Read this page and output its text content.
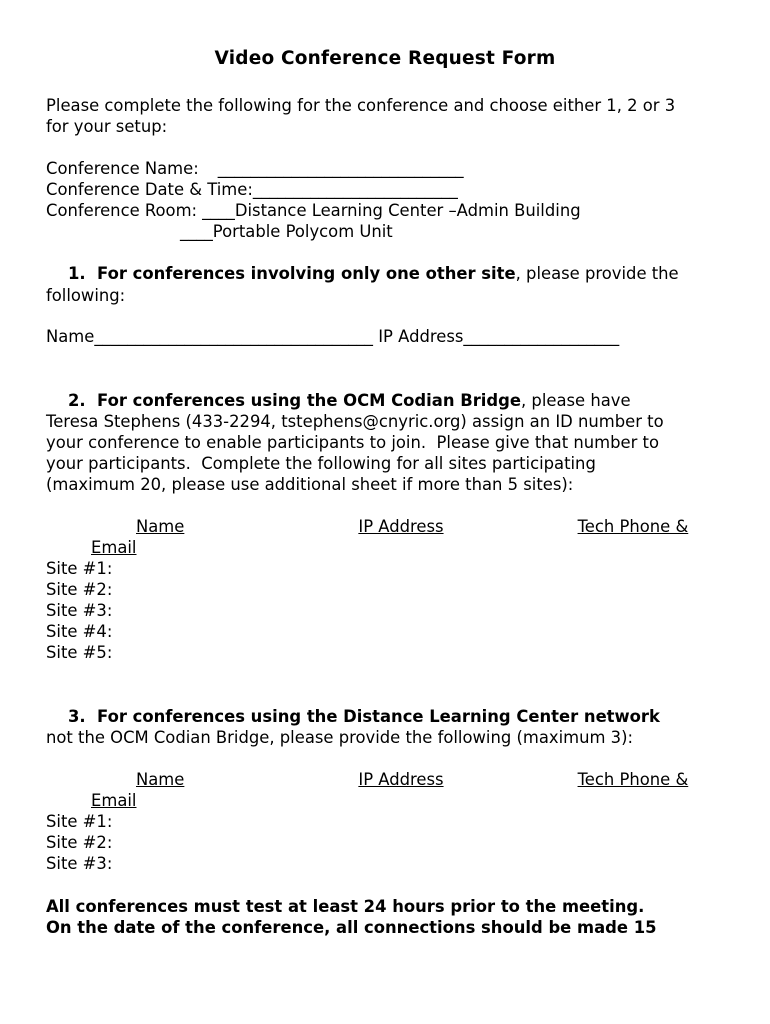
Video Conference Request Form
Please complete the following for the conference and choose either 1, 2 or 3
for your setup:
Conference Name: ______________________________
Conference Date & Time:_________________________
Conference Room: ____Distance Learning Center –Admin Building
____Portable Polycom Unit
1.  For conferences involving only one other site, please provide the
following:
Name__________________________________ IP Address___________________
2.  For conferences using the OCM Codian Bridge, please have
Teresa Stephens (433-2294, tstephens@cnyric.org) assign an ID number to
your conference to enable participants to join.  Please give that number to
your participants.  Complete the following for all sites participating
(maximum 20, please use additional sheet if more than 5 sites):
Name	IP Address	Tech Phone &
Email
Site #1:
Site #2:
Site #3:
Site #4:
Site #5:
3.  For conferences using the Distance Learning Center network
not the OCM Codian Bridge, please provide the following (maximum 3):
Name	IP Address	Tech Phone &
Email
Site #1:
Site #2:
Site #3:
All conferences must test at least 24 hours prior to the meeting.
On the date of the conference, all connections should be made 15
